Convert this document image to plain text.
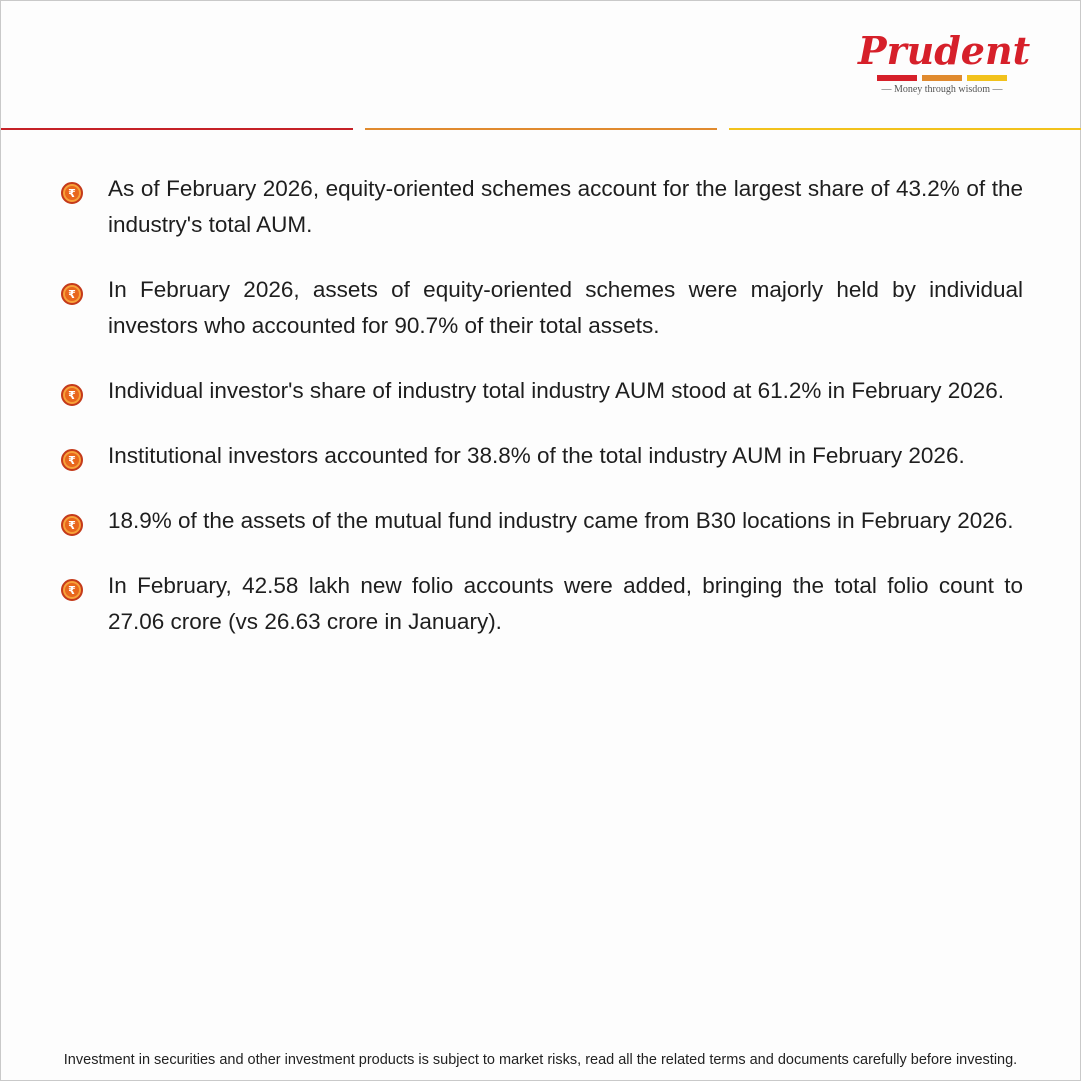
Prudent
— Money through wisdom —
₹	As of February 2026, equity-oriented schemes account for the largest share of 43.2% of the industry's total AUM.
₹	In February 2026, assets of equity-oriented schemes were majorly held by individual investors who accounted for 90.7% of their total assets.
₹	Individual investor's share of industry total industry AUM stood at 61.2% in February 2026.
₹	Institutional investors accounted for 38.8% of the total industry AUM in February 2026.
₹	18.9% of the assets of the mutual fund industry came from B30 locations in February 2026.
₹	In February, 42.58 lakh new folio accounts were added, bringing the total folio count to 27.06 crore (vs 26.63 crore in January).
Investment in securities and other investment products is subject to market risks, read all the related terms and documents carefully before investing.
